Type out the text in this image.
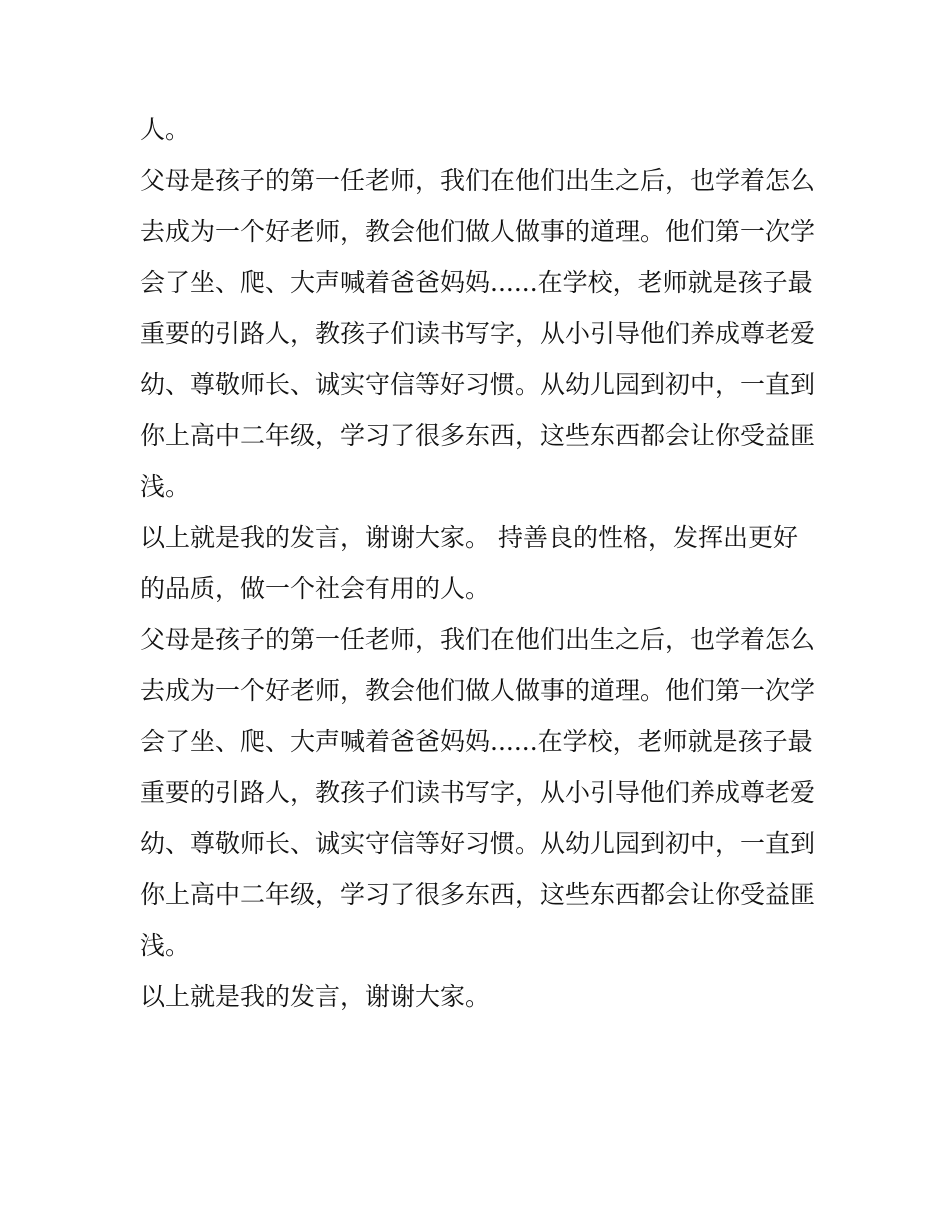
人。
父母是孩子的第一任老师，我们在他们出生之后，也学着怎么
去成为一个好老师，教会他们做人做事的道理。他们第一次学
会了坐、爬、大声喊着爸爸妈妈......在学校，老师就是孩子最
重要的引路人，教孩子们读书写字，从小引导他们养成尊老爱
幼、尊敬师长、诚实守信等好习惯。从幼儿园到初中，一直到
你上高中二年级，学习了很多东西，这些东西都会让你受益匪
浅。
以上就是我的发言，谢谢大家。 持善良的性格，发挥出更好
的品质，做一个社会有用的人。
父母是孩子的第一任老师，我们在他们出生之后，也学着怎么
去成为一个好老师，教会他们做人做事的道理。他们第一次学
会了坐、爬、大声喊着爸爸妈妈......在学校，老师就是孩子最
重要的引路人，教孩子们读书写字，从小引导他们养成尊老爱
幼、尊敬师长、诚实守信等好习惯。从幼儿园到初中，一直到
你上高中二年级，学习了很多东西，这些东西都会让你受益匪
浅。
以上就是我的发言，谢谢大家。
